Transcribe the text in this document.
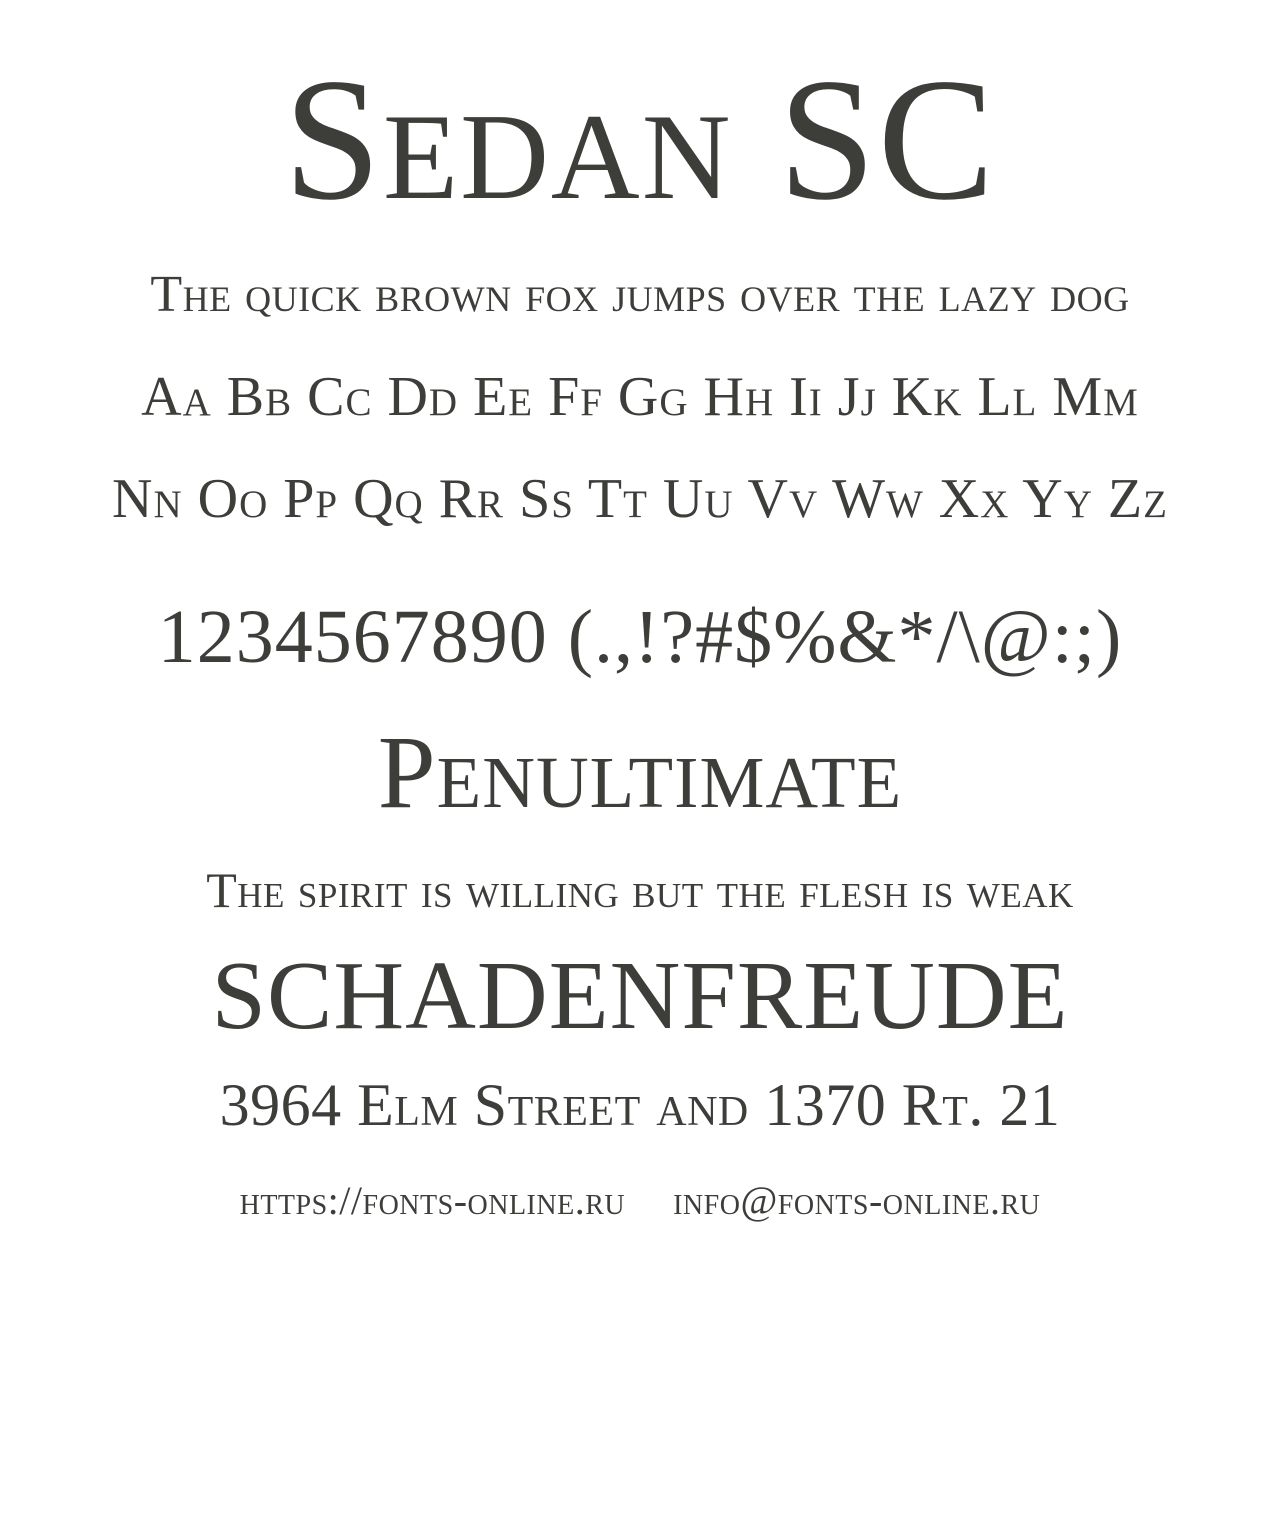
Sedan SC
The quick brown fox jumps over the lazy dog
Aa Bb Cc Dd Ee Ff Gg Hh Ii Jj Kk Ll Mm
Nn Oo Pp Qq Rr Ss Tt Uu Vv Ww Xx Yy Zz
1234567890 (.,!?#$%&*/\@:;)
Penultimate
The spirit is willing but the flesh is weak
SCHADENFREUDE
3964 Elm Street and 1370 Rt. 21
https://fonts-online.ru info@fonts-online.ru
